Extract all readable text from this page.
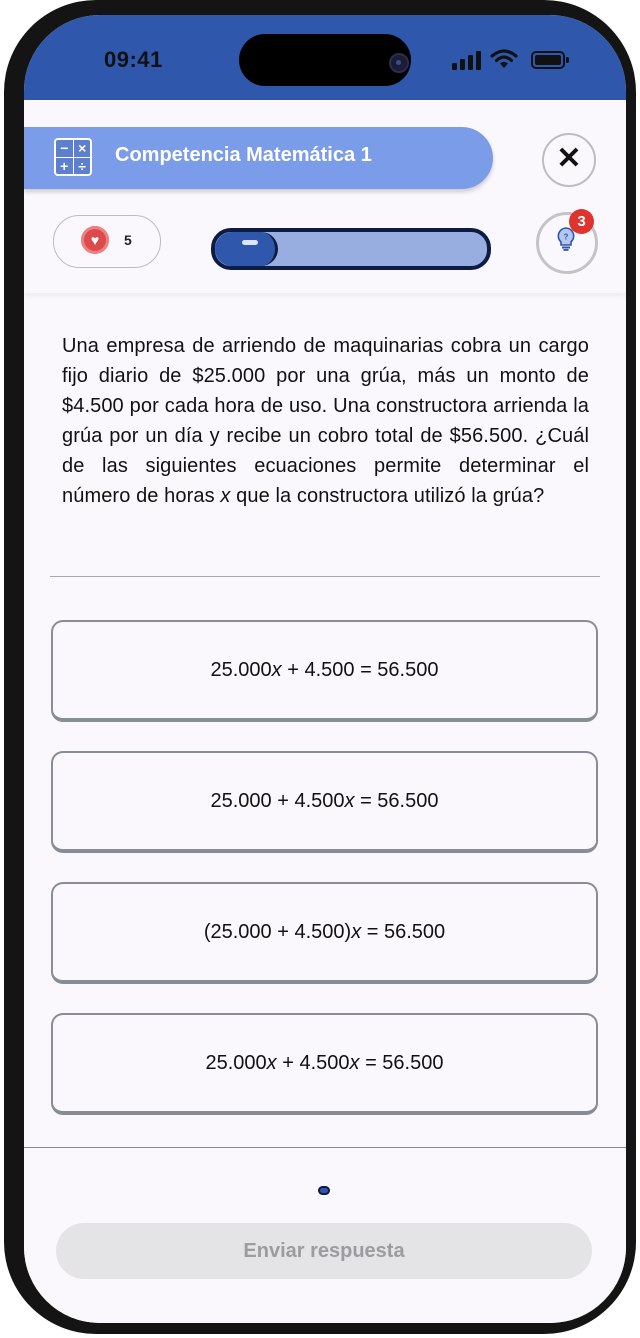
09:41
− ×
+ ÷ Competencia Matemática 1	✕
♥
5	?
3
Una empresa de arriendo de maquinarias cobra un cargo fijo diario de $25.000 por una grúa, más un monto de $4.500 por cada hora de uso. Una constructora arrienda la grúa por un día y recibe un cobro total de $56.500. ¿Cuál de las siguientes ecuaciones permite determinar el número de horas x que la constructora utilizó la grúa?
25.000 x + 4.500 = 56.500
25.000 + 4.500 x = 56.500
(25.000 + 4.500) x = 56.500
25.000 x + 4.500 x = 56.500
Enviar respuesta
